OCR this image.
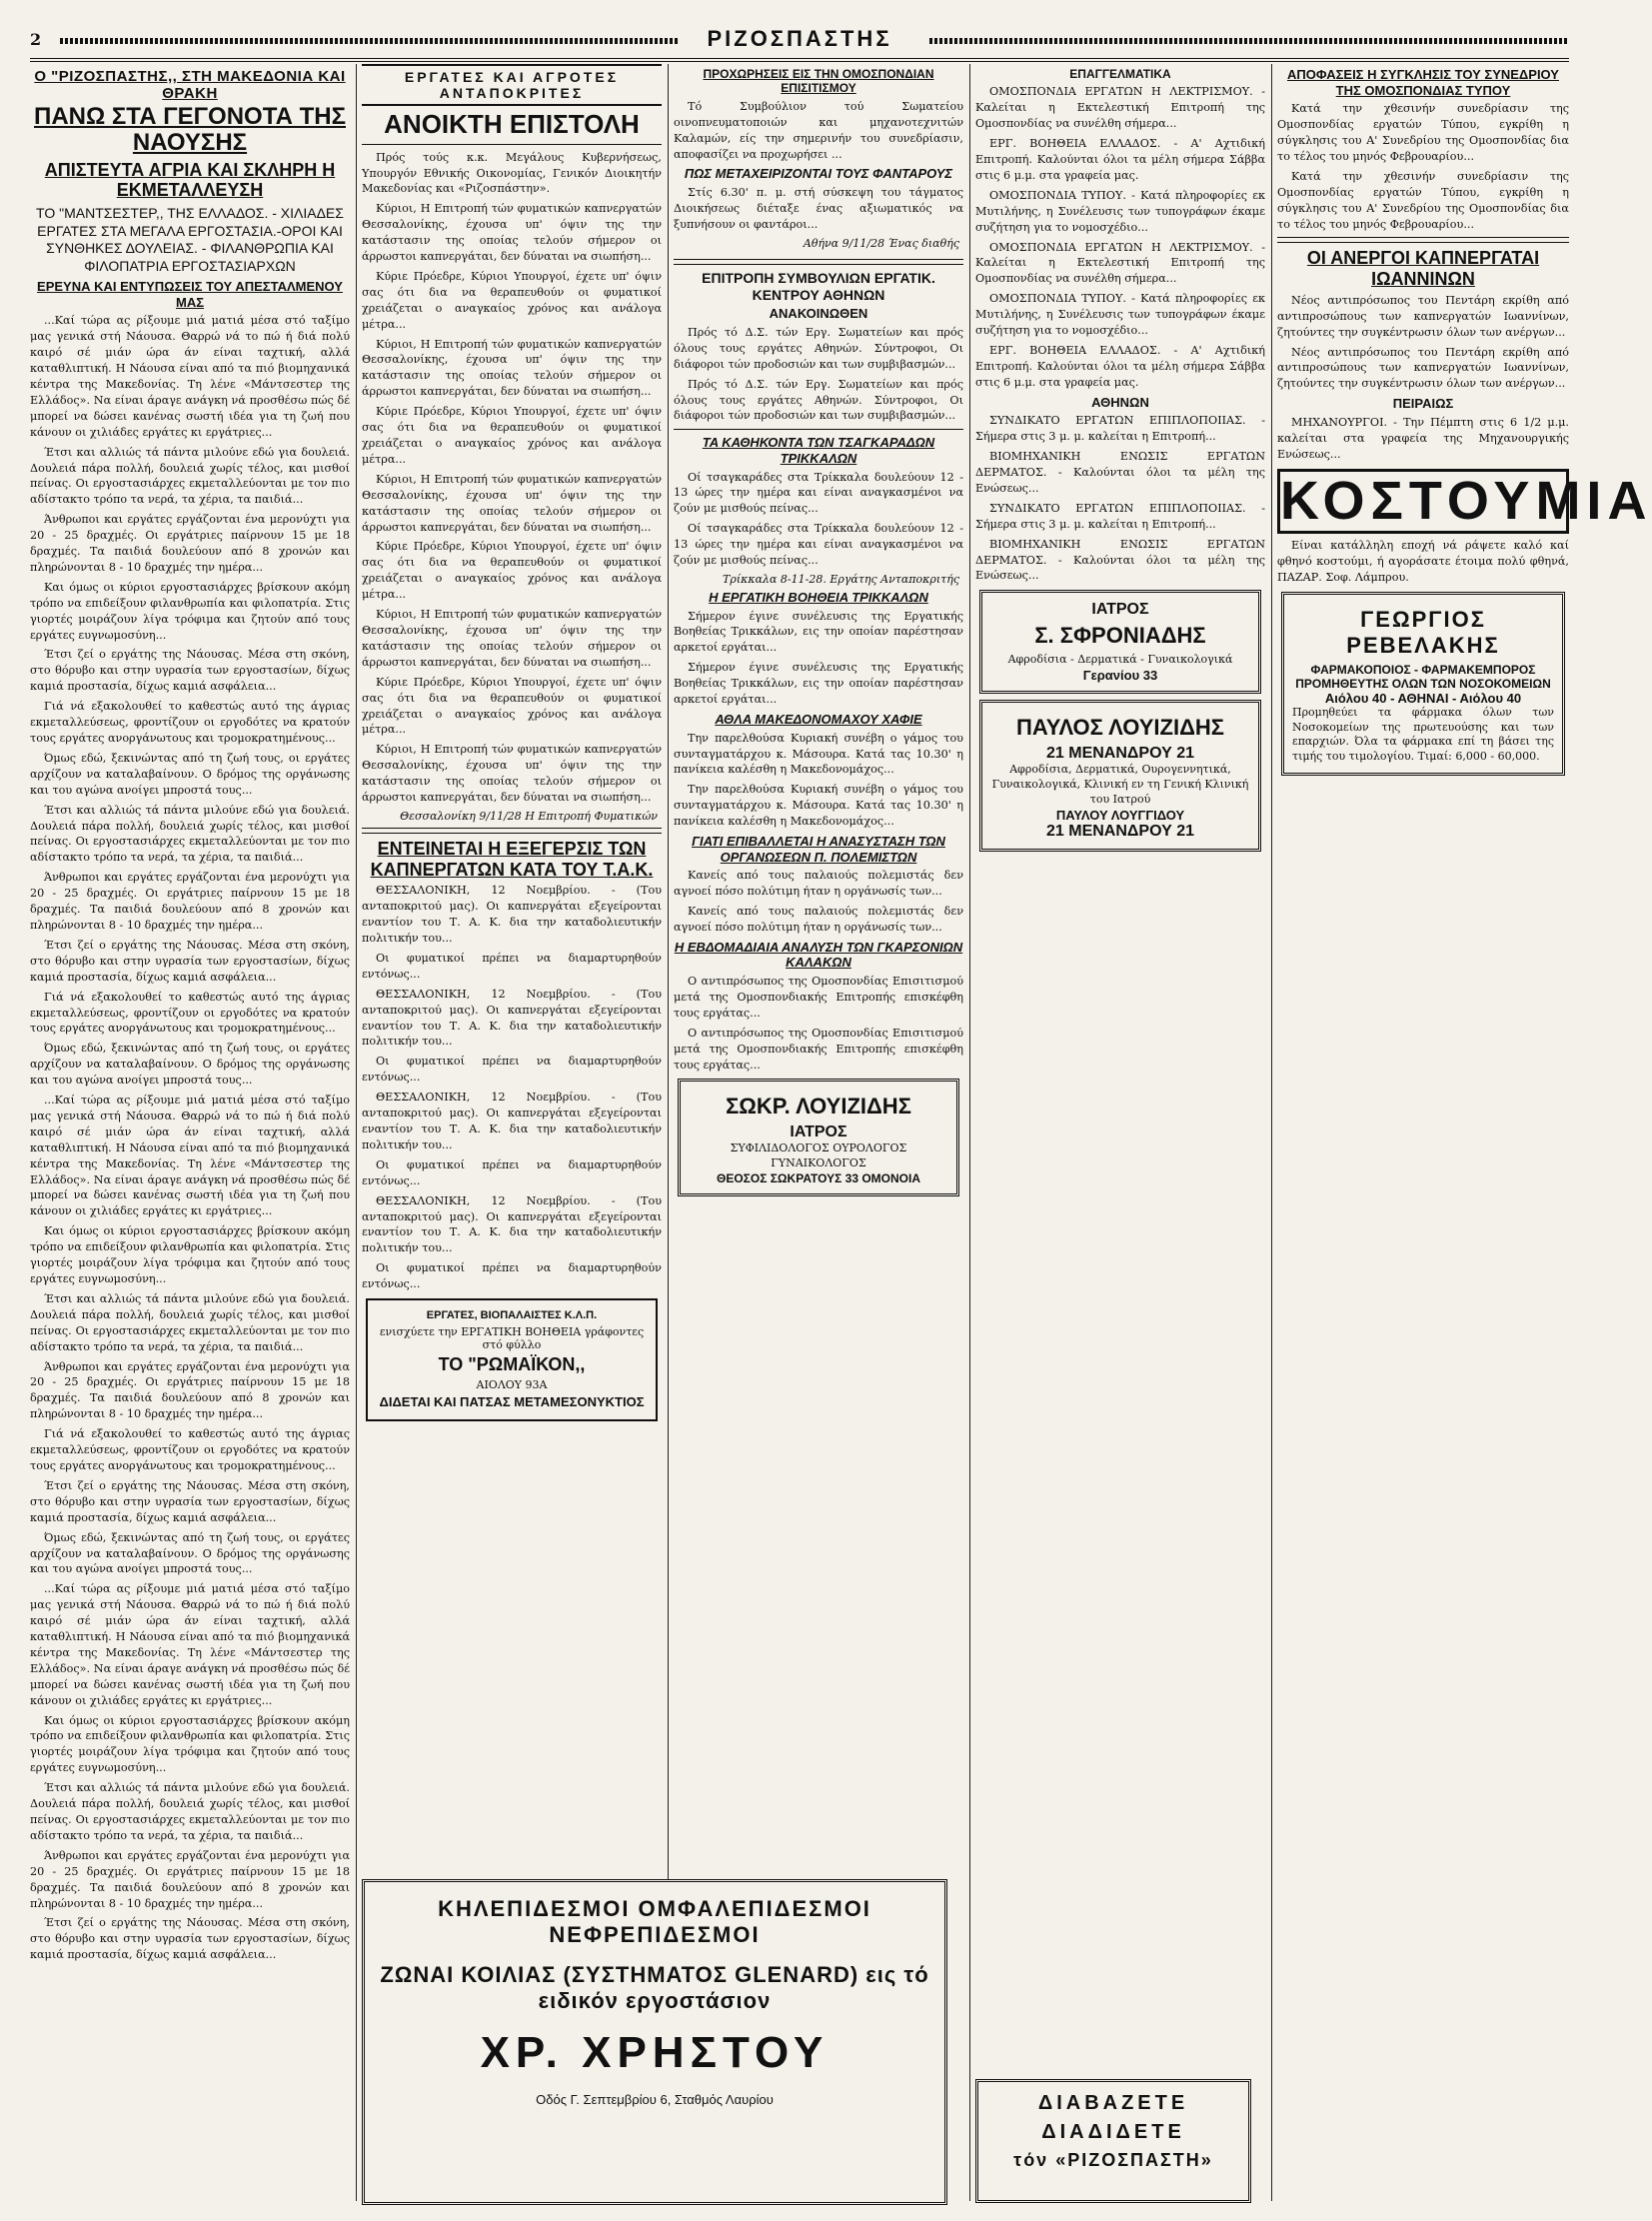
2	ΡΙΖΟΣΠΑΣΤΗΣ
Ο "ΡΙΖΟΣΠΑΣΤΗΣ,, ΣΤΗ ΜΑΚΕΔΟΝΙΑ ΚΑΙ ΘΡΑΚΗ
ΠΑΝΩ ΣΤΑ ΓΕΓΟΝΟΤΑ ΤΗΣ ΝΑΟΥΣΗΣ
ΑΠΙΣΤΕΥΤΑ ΑΓΡΙΑ ΚΑΙ ΣΚΛΗΡΗ Η ΕΚΜΕΤΑΛΛΕΥΣΗ
ΤΟ "ΜΑΝΤΣΕΣΤΕΡ,, ΤΗΣ ΕΛΛΑΔΟΣ. - ΧΙΛΙΑΔΕΣ ΕΡΓΑΤΕΣ ΣΤΑ ΜΕΓΑΛΑ ΕΡΓΟΣΤΑΣΙΑ.-ΟΡΟΙ ΚΑΙ ΣΥΝΘΗΚΕΣ ΔΟΥΛΕΙΑΣ. - ΦΙΛΑΝΘΡΩΠΙΑ ΚΑΙ ΦΙΛΟΠΑΤΡΙΑ ΕΡΓΟΣΤΑΣΙΑΡΧΩΝ
ΕΡΕΥΝΑ ΚΑΙ ΕΝΤΥΠΩΣΕΙΣ ΤΟΥ ΑΠΕΣΤΑΛΜΕΝΟΥ ΜΑΣ

...Καί τώρα ας ρίξουμε μιά ματιά μέσα στό ταξίμο μας γενικά στή Νάουσα. Θαρρώ νά το πώ ή διά πολύ καιρό σέ μιάν ώρα άν είναι ταχτική, αλλά καταθλιπτική. Η Νάουσα είναι από τα πιό βιομηχανικά κέντρα της Μακεδονίας. Τη λένε «Μάντσεστερ της Ελλάδος». Να είναι άραγε ανάγκη νά προσθέσω πώς δέ μπορεί να δώσει κανένας σωστή ιδέα για τη ζωή που κάνουν οι χιλιάδες εργάτες κι εργάτριες...

Έτσι και αλλιώς τά πάντα μιλούνε εδώ για δουλειά. Δουλειά πάρα πολλή, δουλειά χωρίς τέλος, και μισθοί πείνας. Οι εργοστασιάρχες εκμεταλλεύονται με τον πιο αδίστακτο τρόπο τα νερά, τα χέρια, τα παιδιά...

Άνθρωποι και εργάτες εργάζονται ένα μερονύχτι για 20 - 25 δραχμές. Οι εργάτριες παίρνουν 15 με 18 δραχμές. Τα παιδιά δουλεύουν από 8 χρονών και πληρώνονται 8 - 10 δραχμές την ημέρα...

Και όμως οι κύριοι εργοστασιάρχες βρίσκουν ακόμη τρόπο να επιδείξουν φιλανθρωπία και φιλοπατρία. Στις γιορτές μοιράζουν λίγα τρόφιμα και ζητούν από τους εργάτες ευγνωμοσύνη...

Έτσι ζεί ο εργάτης της Νάουσας. Μέσα στη σκόνη, στο θόρυβο και στην υγρασία των εργοστασίων, δίχως καμιά προστασία, δίχως καμιά ασφάλεια...

Γιά νά εξακολουθεί το καθεστώς αυτό της άγριας εκμεταλλεύσεως, φροντίζουν οι εργοδότες να κρατούν τους εργάτες ανοργάνωτους και τρομοκρατημένους...

Όμως εδώ, ξεκινώντας από τη ζωή τους, οι εργάτες αρχίζουν να καταλαβαίνουν. Ο δρόμος της οργάνωσης και του αγώνα ανοίγει μπροστά τους...

Έτσι και αλλιώς τά πάντα μιλούνε εδώ για δουλειά. Δουλειά πάρα πολλή, δουλειά χωρίς τέλος, και μισθοί πείνας. Οι εργοστασιάρχες εκμεταλλεύονται με τον πιο αδίστακτο τρόπο τα νερά, τα χέρια, τα παιδιά...

Άνθρωποι και εργάτες εργάζονται ένα μερονύχτι για 20 - 25 δραχμές. Οι εργάτριες παίρνουν 15 με 18 δραχμές. Τα παιδιά δουλεύουν από 8 χρονών και πληρώνονται 8 - 10 δραχμές την ημέρα...

Έτσι ζεί ο εργάτης της Νάουσας. Μέσα στη σκόνη, στο θόρυβο και στην υγρασία των εργοστασίων, δίχως καμιά προστασία, δίχως καμιά ασφάλεια...

Γιά νά εξακολουθεί το καθεστώς αυτό της άγριας εκμεταλλεύσεως, φροντίζουν οι εργοδότες να κρατούν τους εργάτες ανοργάνωτους και τρομοκρατημένους...

Όμως εδώ, ξεκινώντας από τη ζωή τους, οι εργάτες αρχίζουν να καταλαβαίνουν. Ο δρόμος της οργάνωσης και του αγώνα ανοίγει μπροστά τους...

...Καί τώρα ας ρίξουμε μιά ματιά μέσα στό ταξίμο μας γενικά στή Νάουσα. Θαρρώ νά το πώ ή διά πολύ καιρό σέ μιάν ώρα άν είναι ταχτική, αλλά καταθλιπτική. Η Νάουσα είναι από τα πιό βιομηχανικά κέντρα της Μακεδονίας. Τη λένε «Μάντσεστερ της Ελλάδος». Να είναι άραγε ανάγκη νά προσθέσω πώς δέ μπορεί να δώσει κανένας σωστή ιδέα για τη ζωή που κάνουν οι χιλιάδες εργάτες κι εργάτριες...

Και όμως οι κύριοι εργοστασιάρχες βρίσκουν ακόμη τρόπο να επιδείξουν φιλανθρωπία και φιλοπατρία. Στις γιορτές μοιράζουν λίγα τρόφιμα και ζητούν από τους εργάτες ευγνωμοσύνη...

Έτσι και αλλιώς τά πάντα μιλούνε εδώ για δουλειά. Δουλειά πάρα πολλή, δουλειά χωρίς τέλος, και μισθοί πείνας. Οι εργοστασιάρχες εκμεταλλεύονται με τον πιο αδίστακτο τρόπο τα νερά, τα χέρια, τα παιδιά...

Άνθρωποι και εργάτες εργάζονται ένα μερονύχτι για 20 - 25 δραχμές. Οι εργάτριες παίρνουν 15 με 18 δραχμές. Τα παιδιά δουλεύουν από 8 χρονών και πληρώνονται 8 - 10 δραχμές την ημέρα...

Γιά νά εξακολουθεί το καθεστώς αυτό της άγριας εκμεταλλεύσεως, φροντίζουν οι εργοδότες να κρατούν τους εργάτες ανοργάνωτους και τρομοκρατημένους...

Έτσι ζεί ο εργάτης της Νάουσας. Μέσα στη σκόνη, στο θόρυβο και στην υγρασία των εργοστασίων, δίχως καμιά προστασία, δίχως καμιά ασφάλεια...

Όμως εδώ, ξεκινώντας από τη ζωή τους, οι εργάτες αρχίζουν να καταλαβαίνουν. Ο δρόμος της οργάνωσης και του αγώνα ανοίγει μπροστά τους...

...Καί τώρα ας ρίξουμε μιά ματιά μέσα στό ταξίμο μας γενικά στή Νάουσα. Θαρρώ νά το πώ ή διά πολύ καιρό σέ μιάν ώρα άν είναι ταχτική, αλλά καταθλιπτική. Η Νάουσα είναι από τα πιό βιομηχανικά κέντρα της Μακεδονίας. Τη λένε «Μάντσεστερ της Ελλάδος». Να είναι άραγε ανάγκη νά προσθέσω πώς δέ μπορεί να δώσει κανένας σωστή ιδέα για τη ζωή που κάνουν οι χιλιάδες εργάτες κι εργάτριες...

Και όμως οι κύριοι εργοστασιάρχες βρίσκουν ακόμη τρόπο να επιδείξουν φιλανθρωπία και φιλοπατρία. Στις γιορτές μοιράζουν λίγα τρόφιμα και ζητούν από τους εργάτες ευγνωμοσύνη...

Έτσι και αλλιώς τά πάντα μιλούνε εδώ για δουλειά. Δουλειά πάρα πολλή, δουλειά χωρίς τέλος, και μισθοί πείνας. Οι εργοστασιάρχες εκμεταλλεύονται με τον πιο αδίστακτο τρόπο τα νερά, τα χέρια, τα παιδιά...

Άνθρωποι και εργάτες εργάζονται ένα μερονύχτι για 20 - 25 δραχμές. Οι εργάτριες παίρνουν 15 με 18 δραχμές. Τα παιδιά δουλεύουν από 8 χρονών και πληρώνονται 8 - 10 δραχμές την ημέρα...

Έτσι ζεί ο εργάτης της Νάουσας. Μέσα στη σκόνη, στο θόρυβο και στην υγρασία των εργοστασίων, δίχως καμιά προστασία, δίχως καμιά ασφάλεια...

ΕΡΓΑΤΕΣ ΚΑΙ ΑΓΡΟΤΕΣ ΑΝΤΑΠΟΚΡΙΤΕΣ
ΑΝΟΙΚΤΗ ΕΠΙΣΤΟΛΗ

Πρός τούς κ.κ. Μεγάλους Κυβερνήσεως, Υπουργόν Εθνικής Οικονομίας, Γενικόν Διοικητήν Μακεδονίας και «Ριζοσπάστην».

Κύριοι, Η Επιτροπή τών φυματικών καπνεργατών Θεσσαλονίκης, έχουσα υπ' όψιν της την κατάστασιν της οποίας τελούν σήμερον οι άρρωστοι καπνεργάται, δεν δύναται να σιωπήση...

Κύριε Πρόεδρε, Κύριοι Υπουργοί, έχετε υπ' όψιν σας ότι δια να θεραπευθούν οι φυματικοί χρειάζεται ο αναγκαίος χρόνος και ανάλογα μέτρα...

Κύριοι, Η Επιτροπή τών φυματικών καπνεργατών Θεσσαλονίκης, έχουσα υπ' όψιν της την κατάστασιν της οποίας τελούν σήμερον οι άρρωστοι καπνεργάται, δεν δύναται να σιωπήση...

Κύριε Πρόεδρε, Κύριοι Υπουργοί, έχετε υπ' όψιν σας ότι δια να θεραπευθούν οι φυματικοί χρειάζεται ο αναγκαίος χρόνος και ανάλογα μέτρα...

Κύριοι, Η Επιτροπή τών φυματικών καπνεργατών Θεσσαλονίκης, έχουσα υπ' όψιν της την κατάστασιν της οποίας τελούν σήμερον οι άρρωστοι καπνεργάται, δεν δύναται να σιωπήση...

Κύριε Πρόεδρε, Κύριοι Υπουργοί, έχετε υπ' όψιν σας ότι δια να θεραπευθούν οι φυματικοί χρειάζεται ο αναγκαίος χρόνος και ανάλογα μέτρα...

Κύριοι, Η Επιτροπή τών φυματικών καπνεργατών Θεσσαλονίκης, έχουσα υπ' όψιν της την κατάστασιν της οποίας τελούν σήμερον οι άρρωστοι καπνεργάται, δεν δύναται να σιωπήση...

Κύριε Πρόεδρε, Κύριοι Υπουργοί, έχετε υπ' όψιν σας ότι δια να θεραπευθούν οι φυματικοί χρειάζεται ο αναγκαίος χρόνος και ανάλογα μέτρα...

Κύριοι, Η Επιτροπή τών φυματικών καπνεργατών Θεσσαλονίκης, έχουσα υπ' όψιν της την κατάστασιν της οποίας τελούν σήμερον οι άρρωστοι καπνεργάται, δεν δύναται να σιωπήση...

Θεσσαλονίκη 9/11/28 Η Επιτροπή Φυματικών
ΕΝΤΕΙΝΕΤΑΙ Η ΕΞΕΓΕΡΣΙΣ ΤΩΝ ΚΑΠΝΕΡΓΑΤΩΝ ΚΑΤΑ ΤΟΥ Τ.Α.Κ.

ΘΕΣΣΑΛΟΝΙΚΗ, 12 Νοεμβρίου. - (Του ανταποκριτού μας). Οι καπνεργάται εξεγείρονται εναντίον του Τ. Α. Κ. δια την καταδολιευτικήν πολιτικήν του...

Οι φυματικοί πρέπει να διαμαρτυρηθούν εντόνως...

ΘΕΣΣΑΛΟΝΙΚΗ, 12 Νοεμβρίου. - (Του ανταποκριτού μας). Οι καπνεργάται εξεγείρονται εναντίον του Τ. Α. Κ. δια την καταδολιευτικήν πολιτικήν του...

Οι φυματικοί πρέπει να διαμαρτυρηθούν εντόνως...

ΘΕΣΣΑΛΟΝΙΚΗ, 12 Νοεμβρίου. - (Του ανταποκριτού μας). Οι καπνεργάται εξεγείρονται εναντίον του Τ. Α. Κ. δια την καταδολιευτικήν πολιτικήν του...

Οι φυματικοί πρέπει να διαμαρτυρηθούν εντόνως...

ΘΕΣΣΑΛΟΝΙΚΗ, 12 Νοεμβρίου. - (Του ανταποκριτού μας). Οι καπνεργάται εξεγείρονται εναντίον του Τ. Α. Κ. δια την καταδολιευτικήν πολιτικήν του...

Οι φυματικοί πρέπει να διαμαρτυρηθούν εντόνως...

ΕΡΓΑΤΕΣ, ΒΙΟΠΑΛΑΙΣΤΕΣ Κ.Λ.Π.
ενισχύετε την ΕΡΓΑΤΙΚΗ ΒΟΗΘΕΙΑ γράφοντες στό φύλλο
ΤΟ "ΡΩΜΑΪΚΟΝ,,
ΑΙΟΛΟΥ 93Α
ΔΙΔΕΤΑΙ ΚΑΙ ΠΑΤΣΑΣ ΜΕΤΑΜΕΣΟΝΥΚΤΙΟΣ
ΠΡΟΧΩΡΗΣΕΙΣ ΕΙΣ ΤΗΝ ΟΜΟΣΠΟΝΔΙΑΝ ΕΠΙΣΙΤΙΣΜΟΥ

Τό Συμβούλιον τού Σωματείου οινοπνευματοποιών και μηχανοτεχνιτών Καλαμών, είς την σημερινήν του συνεδρίασιν, αποφασίζει να προχωρήσει ...

ΠΩΣ ΜΕΤΑΧΕΙΡΙΖΟΝΤΑΙ ΤΟΥΣ ΦΑΝΤΑΡΟΥΣ

Στίς 6.30' π. μ. στή σύσκεψη του τάγματος Διοικήσεως διέταξε ένας αξιωματικός να ξυπνήσουν οι φαντάροι...

Αθήνα 9/11/28 Ένας διαθής
ΕΠΙΤΡΟΠΗ ΣΥΜΒΟΥΛΙΩΝ ΕΡΓΑΤΙΚ. ΚΕΝΤΡΟΥ ΑΘΗΝΩΝ
ΑΝΑΚΟΙΝΩΘΕΝ

Πρός τό Δ.Σ. τών Εργ. Σωματείων και πρός όλους τους εργάτες Αθηνών. Σύντροφοι, Οι διάφοροι τών προδοσιών και των συμβιβασμών...

Πρός τό Δ.Σ. τών Εργ. Σωματείων και πρός όλους τους εργάτες Αθηνών. Σύντροφοι, Οι διάφοροι τών προδοσιών και των συμβιβασμών...

ΤΑ ΚΑΘΗΚΟΝΤΑ ΤΩΝ ΤΣΑΓΚΑΡΑΔΩΝ ΤΡΙΚΚΑΛΩΝ

Οί τσαγκαράδες στα Τρίκκαλα δουλεύουν 12 - 13 ώρες την ημέρα και είναι αναγκασμένοι να ζούν με μισθούς πείνας...

Οί τσαγκαράδες στα Τρίκκαλα δουλεύουν 12 - 13 ώρες την ημέρα και είναι αναγκασμένοι να ζούν με μισθούς πείνας...

Τρίκκαλα 8-11-28. Εργάτης Ανταποκριτής
Η ΕΡΓΑΤΙΚΗ ΒΟΗΘΕΙΑ ΤΡΙΚΚΑΛΩΝ

Σήμερον έγινε συνέλευσις της Εργατικής Βοηθείας Τρικκάλων, εις την οποίαν παρέστησαν αρκετοί εργάται...

Σήμερον έγινε συνέλευσις της Εργατικής Βοηθείας Τρικκάλων, εις την οποίαν παρέστησαν αρκετοί εργάται...

ΑΘΛΑ ΜΑΚΕΔΟΝΟΜΑΧΟΥ ΧΑΦΙΕ

Την παρελθούσα Κυριακή συνέβη ο γάμος του συνταγματάρχου κ. Μάσουρα. Κατά τας 10.30' η πανίκεια καλέσθη η Μακεδονομάχος...

Την παρελθούσα Κυριακή συνέβη ο γάμος του συνταγματάρχου κ. Μάσουρα. Κατά τας 10.30' η πανίκεια καλέσθη η Μακεδονομάχος...

ΓΙΑΤΙ ΕΠΙΒΑΛΛΕΤΑΙ Η ΑΝΑΣΥΣΤΑΣΗ ΤΩΝ ΟΡΓΑΝΩΣΕΩΝ Π. ΠΟΛΕΜΙΣΤΩΝ

Κανείς από τους παλαιούς πολεμιστάς δεν αγνοεί πόσο πολύτιμη ήταν η οργάνωσίς των...

Κανείς από τους παλαιούς πολεμιστάς δεν αγνοεί πόσο πολύτιμη ήταν η οργάνωσίς των...

Η ΕΒΔΟΜΑΔΙΑΙΑ ΑΝΑΛΥΣΗ ΤΩΝ ΓΚΑΡΣΟΝΙΩΝ ΚΑΛΑΚΩΝ

Ο αντιπρόσωπος της Ομοσπονδίας Επισιτισμού μετά της Ομοσπονδιακής Επιτροπής επισκέφθη τους εργάτας...

Ο αντιπρόσωπος της Ομοσπονδίας Επισιτισμού μετά της Ομοσπονδιακής Επιτροπής επισκέφθη τους εργάτας...

ΣΩΚΡ. ΛΟΥΙΖΙΔΗΣ
ΙΑΤΡΟΣ
ΣΥΦΙΛΙΔΟΛΟΓΟΣ ΟΥΡΟΛΟΓΟΣ ΓΥΝΑΙΚΟΛΟΓΟΣ
ΘΕΟΣΟΣ ΣΩΚΡΑΤΟΥΣ 33 ΟΜΟΝΟΙΑ
ΕΠΑΓΓΕΛΜΑΤΙΚΑ

ΟΜΟΣΠΟΝΔΙΑ ΕΡΓΑΤΩΝ Η ΛΕΚΤΡΙΣΜΟΥ. - Καλείται η Εκτελεστική Επιτροπή της Ομοσπονδίας να συνέλθη σήμερα...

ΕΡΓ. ΒΟΗΘΕΙΑ ΕΛΛΑΔΟΣ. - Α' Αχτιδική Επιτροπή. Καλούνται όλοι τα μέλη σήμερα Σάββα στις 6 μ.μ. στα γραφεία μας.

ΟΜΟΣΠΟΝΔΙΑ ΤΥΠΟΥ. - Κατά πληροφορίες εκ Μυτιλήνης, η Συνέλευσις των τυπογράφων έκαμε συζήτηση για το νομοσχέδιο...

ΟΜΟΣΠΟΝΔΙΑ ΕΡΓΑΤΩΝ Η ΛΕΚΤΡΙΣΜΟΥ. - Καλείται η Εκτελεστική Επιτροπή της Ομοσπονδίας να συνέλθη σήμερα...

ΟΜΟΣΠΟΝΔΙΑ ΤΥΠΟΥ. - Κατά πληροφορίες εκ Μυτιλήνης, η Συνέλευσις των τυπογράφων έκαμε συζήτηση για το νομοσχέδιο...

ΕΡΓ. ΒΟΗΘΕΙΑ ΕΛΛΑΔΟΣ. - Α' Αχτιδική Επιτροπή. Καλούνται όλοι τα μέλη σήμερα Σάββα στις 6 μ.μ. στα γραφεία μας.

ΑΘΗΝΩΝ

ΣΥΝΔΙΚΑΤΟ ΕΡΓΑΤΩΝ ΕΠΙΠΛΟΠΟΙΙΑΣ. - Σήμερα στις 3 μ. μ. καλείται η Επιτροπή...

ΒΙΟΜΗΧΑΝΙΚΗ ΕΝΩΣΙΣ ΕΡΓΑΤΩΝ ΔΕΡΜΑΤΟΣ. - Καλούνται όλοι τα μέλη της Ενώσεως...

ΣΥΝΔΙΚΑΤΟ ΕΡΓΑΤΩΝ ΕΠΙΠΛΟΠΟΙΙΑΣ. - Σήμερα στις 3 μ. μ. καλείται η Επιτροπή...

ΒΙΟΜΗΧΑΝΙΚΗ ΕΝΩΣΙΣ ΕΡΓΑΤΩΝ ΔΕΡΜΑΤΟΣ. - Καλούνται όλοι τα μέλη της Ενώσεως...

ΙΑΤΡΟΣ
Σ. ΣΦΡΟΝΙΑΔΗΣ
Αφροδίσια - Δερματικά - Γυναικολογικά
Γερανίου 33
ΠΑΥΛΟΣ ΛΟΥΙΖΙΔΗΣ
21 ΜΕΝΑΝΔΡΟΥ 21
Αφροδίσια, Δερματικά, Ουρογεννητικά, Γυναικολογικά, Κλινική εν τη Γενική Κλινική του Ιατρού
ΠΑΥΛΟΥ ΛΟΥΓΓΙΔΟΥ
21 ΜΕΝΑΝΔΡΟΥ 21
ΑΠΟΦΑΣΕΙΣ Η ΣΥΓΚΛΗΣΙΣ ΤΟΥ ΣΥΝΕΔΡΙΟΥ ΤΗΣ ΟΜΟΣΠΟΝΔΙΑΣ ΤΥΠΟΥ

Κατά την χθεσινήν συνεδρίασιν της Ομοσπονδίας εργατών Τύπου, εγκρίθη η σύγκλησις του Α' Συνεδρίου της Ομοσπονδίας δια το τέλος του μηνός Φεβρουαρίου...

Κατά την χθεσινήν συνεδρίασιν της Ομοσπονδίας εργατών Τύπου, εγκρίθη η σύγκλησις του Α' Συνεδρίου της Ομοσπονδίας δια το τέλος του μηνός Φεβρουαρίου...

ΟΙ ΑΝΕΡΓΟΙ ΚΑΠΝΕΡΓΑΤΑΙ ΙΩΑΝΝΙΝΩΝ

Νέος αντιπρόσωπος του Πεντάρη εκρίθη από αντιπροσώπους των καπνεργατών Ιωαννίνων, ζητούντες την συγκέντρωσιν όλων των ανέργων...

Νέος αντιπρόσωπος του Πεντάρη εκρίθη από αντιπροσώπους των καπνεργατών Ιωαννίνων, ζητούντες την συγκέντρωσιν όλων των ανέργων...

ΠΕΙΡΑΙΩΣ

ΜΗΧΑΝΟΥΡΓΟΙ. - Την Πέμπτη στις 6 1/2 μ.μ. καλείται στα γραφεία της Μηχανουργικής Ενώσεως...

ΚΟΣΤΟΥΜΙΑ

Είναι κατάλληλη εποχή νά ράψετε καλό καί φθηνό κοστούμι, ή αγοράσατε έτοιμα πολύ φθηνά, ΠΑΖΑΡ. Σοφ. Λάμπρου.

ΓΕΩΡΓΙΟΣ ΡΕΒΕΛΑΚΗΣ
ΦΑΡΜΑΚΟΠΟΙΟΣ - ΦΑΡΜΑΚΕΜΠΟΡΟΣ
ΠΡΟΜΗΘΕΥΤΗΣ ΟΛΩΝ ΤΩΝ ΝΟΣΟΚΟΜΕΙΩΝ
Αιόλου 40 - ΑΘΗΝΑΙ - Αιόλου 40
Προμηθεύει τα φάρμακα όλων των Νοσοκομείων της πρωτευούσης και των επαρχιών. Όλα τα φάρμακα επί τη βάσει της τιμής του τιμολογίου. Τιμαί: 6,000 - 60,000.
ΚΗΛΕΠΙΔΕΣΜΟΙ ΟΜΦΑΛΕΠΙΔΕΣΜΟΙ ΝΕΦΡΕΠΙΔΕΣΜΟΙ
ΖΩΝΑΙ ΚΟΙΛΙΑΣ (ΣΥΣΤΗΜΑΤΟΣ GLENARD) εις τό ειδικόν εργοστάσιον
ΧΡ. ΧΡΗΣΤΟΥ
Οδός Γ. Σεπτεμβρίου 6, Σταθμός Λαυρίου	ΔΙΑΒΑΖΕΤΕ
ΔΙΑΔΙΔΕΤΕ
τόν «ΡΙΖΟΣΠΑΣΤΗ»
